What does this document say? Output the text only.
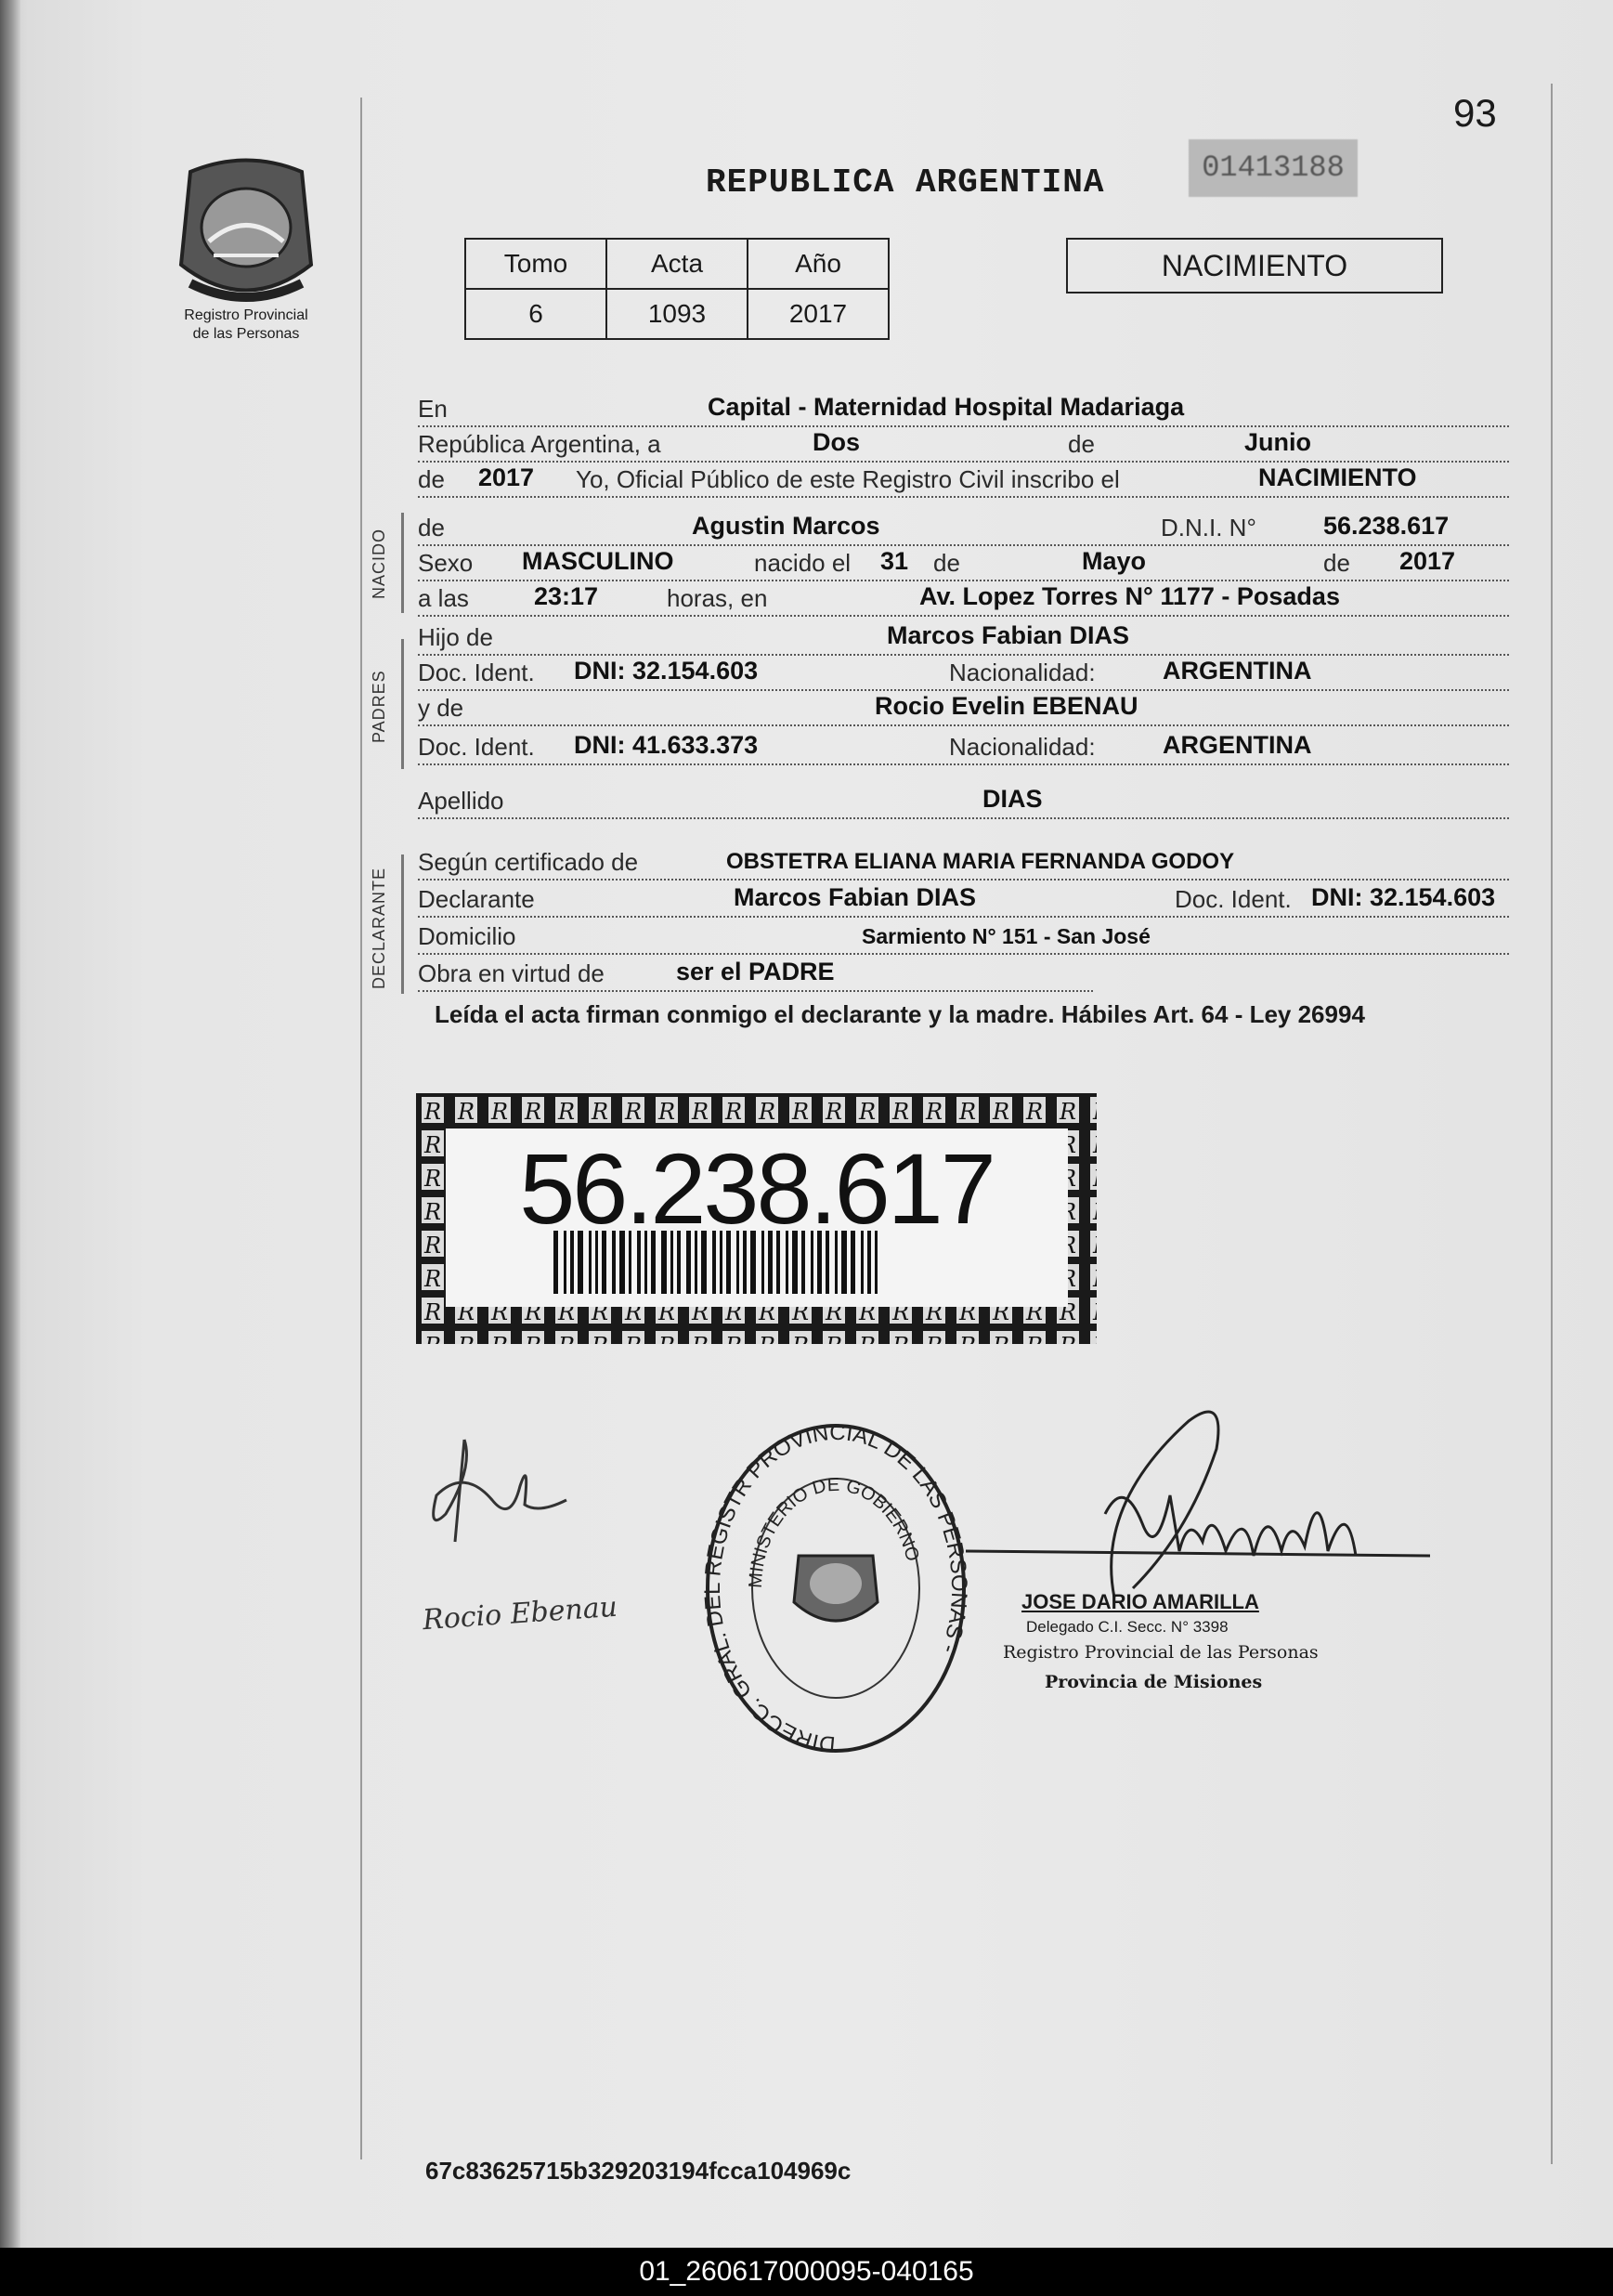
93
Registro Provincial
de las Personas
REPUBLICA ARGENTINA	01413188
Tomo	Acta	Año
6	1093	2017
NACIMIENTO
En	Capital - Maternidad Hospital Madariaga
República Argentina, a	Dos	de	Junio
de 2017 Yo, Oficial Público de este Registro Civil inscribo el	NACIMIENTO
NACIDO
de	Agustin Marcos	D.N.I. N°	56.238.617
Sexo MASCULINO	nacido el 31 de	Mayo	de 2017
a las	23:17	horas, en	Av. Lopez Torres N° 1177 - Posadas
PADRES
Hijo de	Marcos Fabian DIAS
Doc. Ident. DNI: 32.154.603	Nacionalidad:	ARGENTINA
y de	Rocio Evelin EBENAU
Doc. Ident. DNI: 41.633.373	Nacionalidad:	ARGENTINA
Apellido	DIAS
DECLARANTE
Según certificado de	OBSTETRA ELIANA MARIA FERNANDA GODOY
Declarante	Marcos Fabian DIAS	Doc. Ident. DNI: 32.154.603
Domicilio	Sarmiento N° 151 - San José
Obra en virtud de	ser el PADRE
Leída el acta firman conmigo el declarante y la madre. Hábiles Art. 64 - Ley 26994
56.238.617
Rocio Ebenau
DIRECC. GRAL. DEL REGISTR PROVINCIAL DE LAS PERSONAS -
MINISTERIO DE GOBIERNO
JOSE DARIO AMARILLA
Delegado C.I. Secc. N° 3398
Registro Provincial de las Personas
Provincia de Misiones
67c83625715b329203194fcca104969c
01_260617000095-040165
